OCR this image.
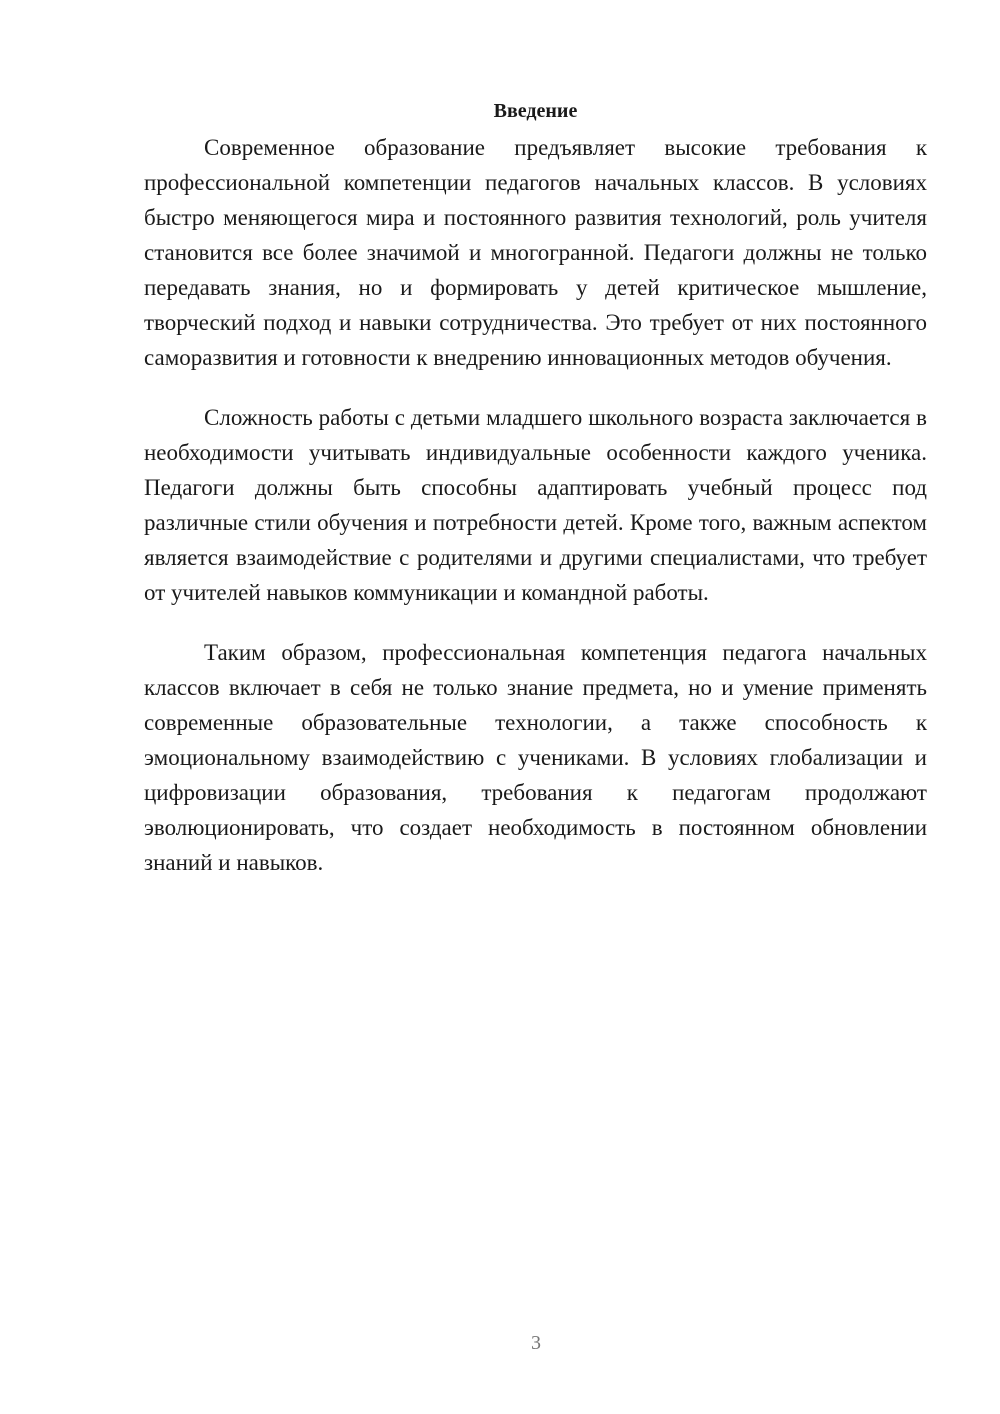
Введение

Современное образование предъявляет высокие требования к профессиональной компетенции педагогов начальных классов. В условиях быстро меняющегося мира и постоянного развития технологий, роль учителя становится все более значимой и многогранной. Педагоги должны не только передавать знания, но и формировать у детей критическое мышление, творческий подход и навыки сотрудничества. Это требует от них постоянного саморазвития и готовности к внедрению инновационных методов обучения.

Сложность работы с детьми младшего школьного возраста заключается в необходимости учитывать индивидуальные особенности каждого ученика. Педагоги должны быть способны адаптировать учебный процесс под различные стили обучения и потребности детей. Кроме того, важным аспектом является взаимодействие с родителями и другими специалистами, что требует от учителей навыков коммуникации и командной работы.

Таким образом, профессиональная компетенция педагога начальных классов включает в себя не только знание предмета, но и умение применять современные образовательные технологии, а также способность к эмоциональному взаимодействию с учениками. В условиях глобализации и цифровизации образования, требования к педагогам продолжают эволюционировать, что создает необходимость в постоянном обновлении знаний и навыков.

3
